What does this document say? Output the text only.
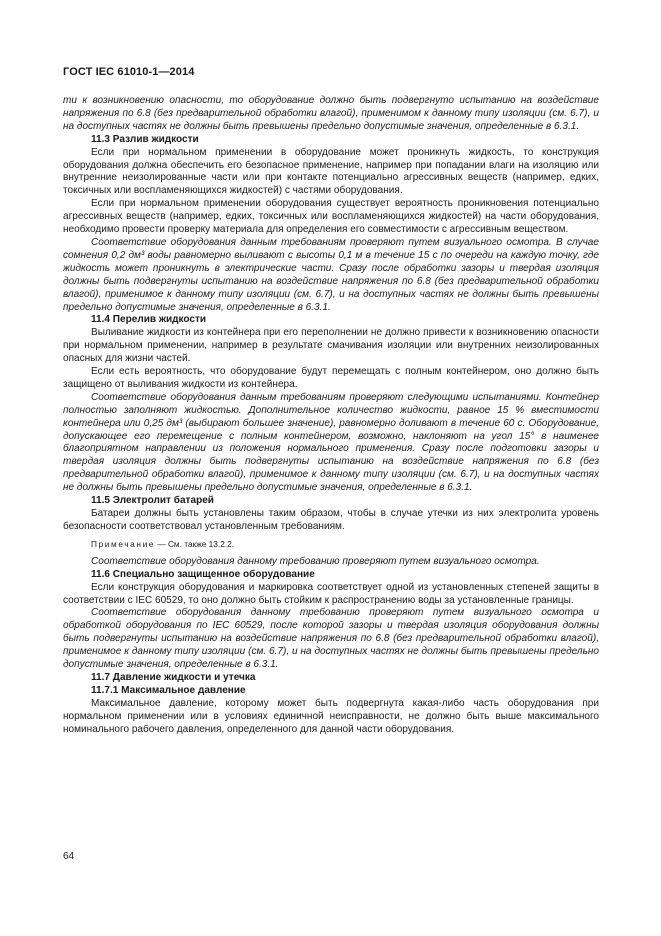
ГОСТ IEC 61010-1—2014

ти к возникновению опасности, то оборудование должно быть подвергнуто испытанию на воздействие напряжения по 6.8 (без предварительной обработки влагой), применимом к данному типу изоляции (см. 6.7), и на доступных частях не должны быть превышены предельно допустимые значения, определенные в 6.3.1.

11.3 Разлив жидкости

Если при нормальном применении в оборудование может проникнуть жидкость, то конструкция оборудования должна обеспечить его безопасное применение, например при попадании влаги на изоляцию или внутренние неизолированные части или при контакте потенциально агрессивных веществ (например, едких, токсичных или воспламеняющихся жидкостей) с частями оборудования.

Если при нормальном применении оборудования существует вероятность проникновения потенциально агрессивных веществ (например, едких, токсичных или воспламеняющихся жидкостей) на части оборудования, необходимо провести проверку материала для определения его совместимости с агрессивным веществом.

Соответствие оборудования данным требованиям проверяют путем визуального осмотра. В случае сомнения 0,2 дм³ воды равномерно выливают с высоты 0,1 м в течение 15 с по очереди на каждую точку, где жидкость может проникнуть в электрические части. Сразу после обработки зазоры и твердая изоляция должны быть подвергнуты испытанию на воздействие напряжения по 6.8 (без предварительной обработки влагой), применимое к данному типу изоляции (см. 6.7), и на доступных частях не должны быть превышены предельно допустимые значения, определенные в 6.3.1.

11.4 Перелив жидкости

Выливание жидкости из контейнера при его переполнении не должно привести к возникновению опасности при нормальном применении, например в результате смачивания изоляции или внутренних неизолированных опасных для жизни частей.

Если есть вероятность, что оборудование будут перемещать с полным контейнером, оно должно быть защищено от выливания жидкости из контейнера.

Соответствие оборудования данным требованиям проверяют следующими испытаниями. Контейнер полностью заполняют жидкостью. Дополнительное количество жидкости, равное 15 % вместимости контейнера или 0,25 дм³ (выбирают большее значение), равномерно доливают в течение 60 с. Оборудование, допускающее его перемещение с полным контейнером, возможно, наклоняют на угол 15° в наименее благоприятном направлении из положения нормального применения. Сразу после подготовки зазоры и твердая изоляция должны быть подвергнуты испытанию на воздействие напряжения по 6.8 (без предварительной обработки влагой), применимое к данному типу изоляции (см. 6.7), и на доступных частях не должны быть превышены предельно допустимые значения, определенные в 6.3.1.

11.5 Электролит батарей

Батареи должны быть установлены таким образом, чтобы в случае утечки из них электролита уровень безопасности соответствовал установленным требованиям.

Примечание — См. также 13.2.2.

Соответствие оборудования данному требованию проверяют путем визуального осмотра.

11.6 Специально защищенное оборудование

Если конструкция оборудования и маркировка соответствует одной из установленных степеней защиты в соответствии с IEC 60529, то оно должно быть стойким к распространению воды за установленные границы.

Соответствие оборудования данному требованию проверяют путем визуального осмотра и обработкой оборудования по IEC 60529, после которой зазоры и твердая изоляция оборудования должны быть подвергнуты испытанию на воздействие напряжения по 6.8 (без предварительной обработки влагой), применимое к данному типу изоляции (см. 6.7), и на доступных частях не должны быть превышены предельно допустимые значения, определенные в 6.3.1.

11.7 Давление жидкости и утечка
11.7.1 Максимальное давление

Максимальное давление, которому может быть подвергнута какая-либо часть оборудования при нормальном применении или в условиях единичной неисправности, не должно быть выше максимального номинального рабочего давления, определенного для данной части оборудования.

64
